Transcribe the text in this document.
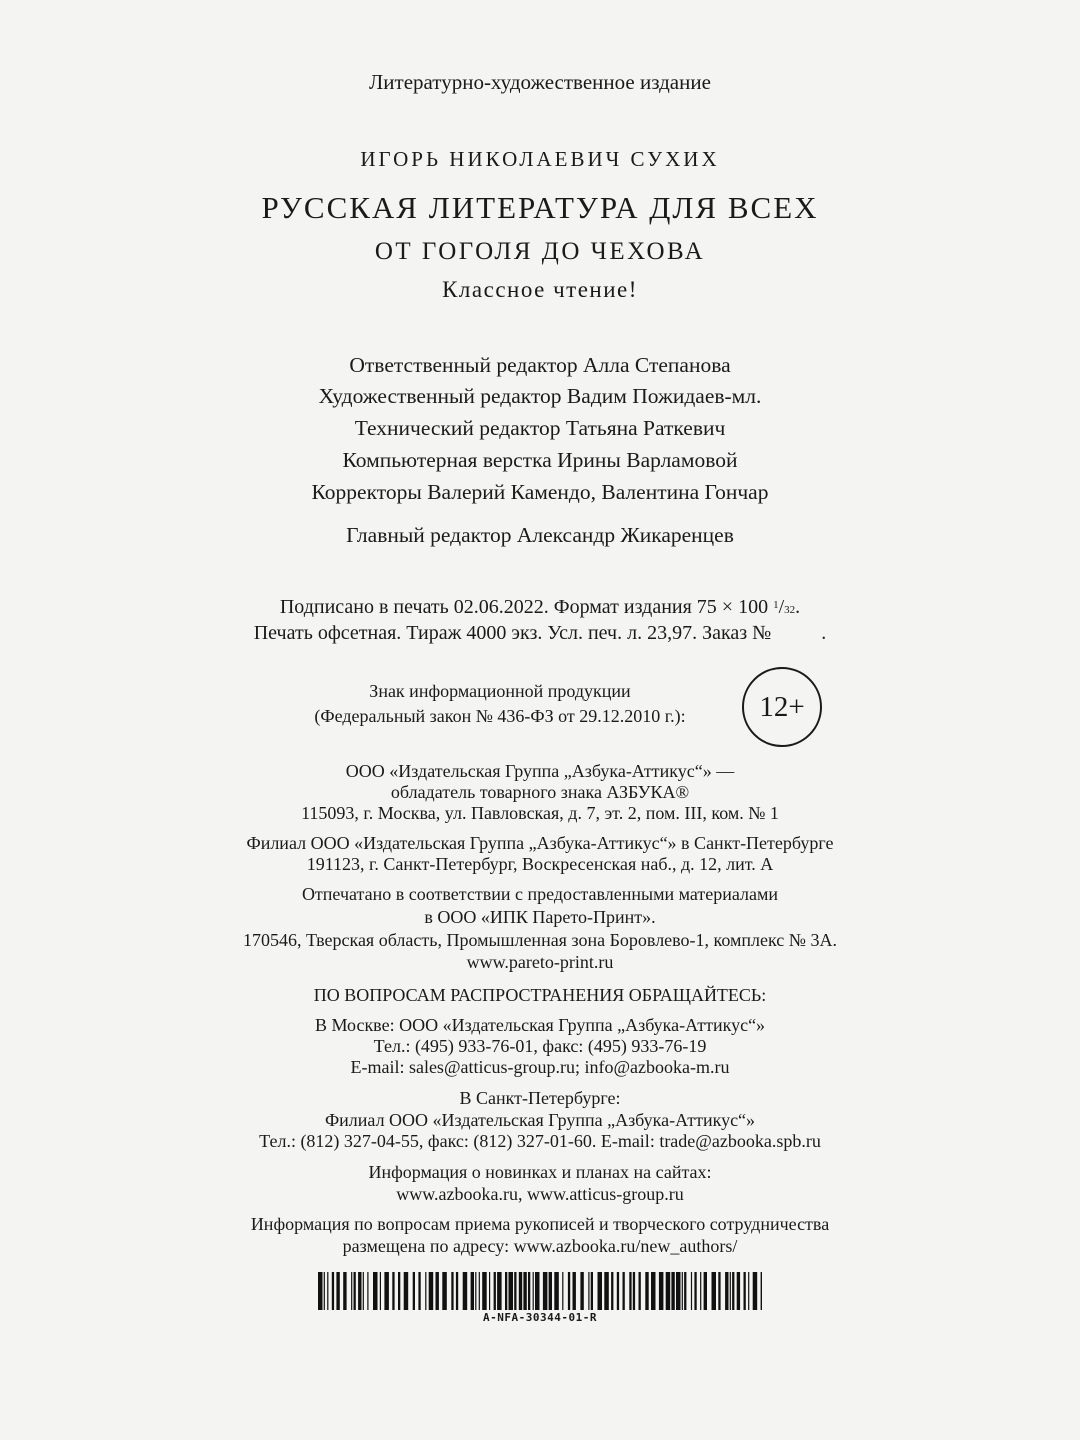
Литературно-художественное издание
ИГОРЬ НИКОЛАЕВИЧ СУХИХ
РУССКАЯ ЛИТЕРАТУРА ДЛЯ ВСЕХ
ОТ ГОГОЛЯ ДО ЧЕХОВА
Классное чтение!
Ответственный редактор Алла Степанова
Художественный редактор Вадим Пожидаев-мл.
Технический редактор Татьяна Раткевич
Компьютерная верстка Ирины Варламовой
Корректоры Валерий Камендо, Валентина Гончар
Главный редактор Александр Жикаренцев
Подписано в печать 02.06.2022. Формат издания 75 × 100 $^1$/32.
Печать офсетная. Тираж 4000 экз. Усл. печ. л. 23,97. Заказ №          .
Знак информационной продукции
(Федеральный закон № 436-ФЗ от 29.12.2010 г.):	12+
ООО «Издательская Группа „Азбука-Аттикус“» —
обладатель товарного знака АЗБУКА®
115093, г. Москва, ул. Павловская, д. 7, эт. 2, пом. III, ком. № 1
Филиал ООО «Издательская Группа „Азбука-Аттикус“» в Санкт-Петербурге
191123, г. Санкт-Петербург, Воскресенская наб., д. 12, лит. А
Отпечатано в соответствии с предоставленными материалами
в ООО «ИПК Парето-Принт».
170546, Тверская область, Промышленная зона Боровлево-1, комплекс № 3А.
www.pareto-print.ru
ПО ВОПРОСАМ РАСПРОСТРАНЕНИЯ ОБРАЩАЙТЕСЬ:
В Москве: ООО «Издательская Группа „Азбука-Аттикус“»
Тел.: (495) 933-76-01, факс: (495) 933-76-19
E-mail: sales@atticus-group.ru; info@azbooka-m.ru
В Санкт-Петербурге:
Филиал ООО «Издательская Группа „Азбука-Аттикус“»
Тел.: (812) 327-04-55, факс: (812) 327-01-60. E-mail: trade@azbooka.spb.ru
Информация о новинках и планах на сайтах:
www.azbooka.ru, www.atticus-group.ru
Информация по вопросам приема рукописей и творческого сотрудничества
размещена по адресу: www.azbooka.ru/new_authors/
A-NFA-30344-01-R
